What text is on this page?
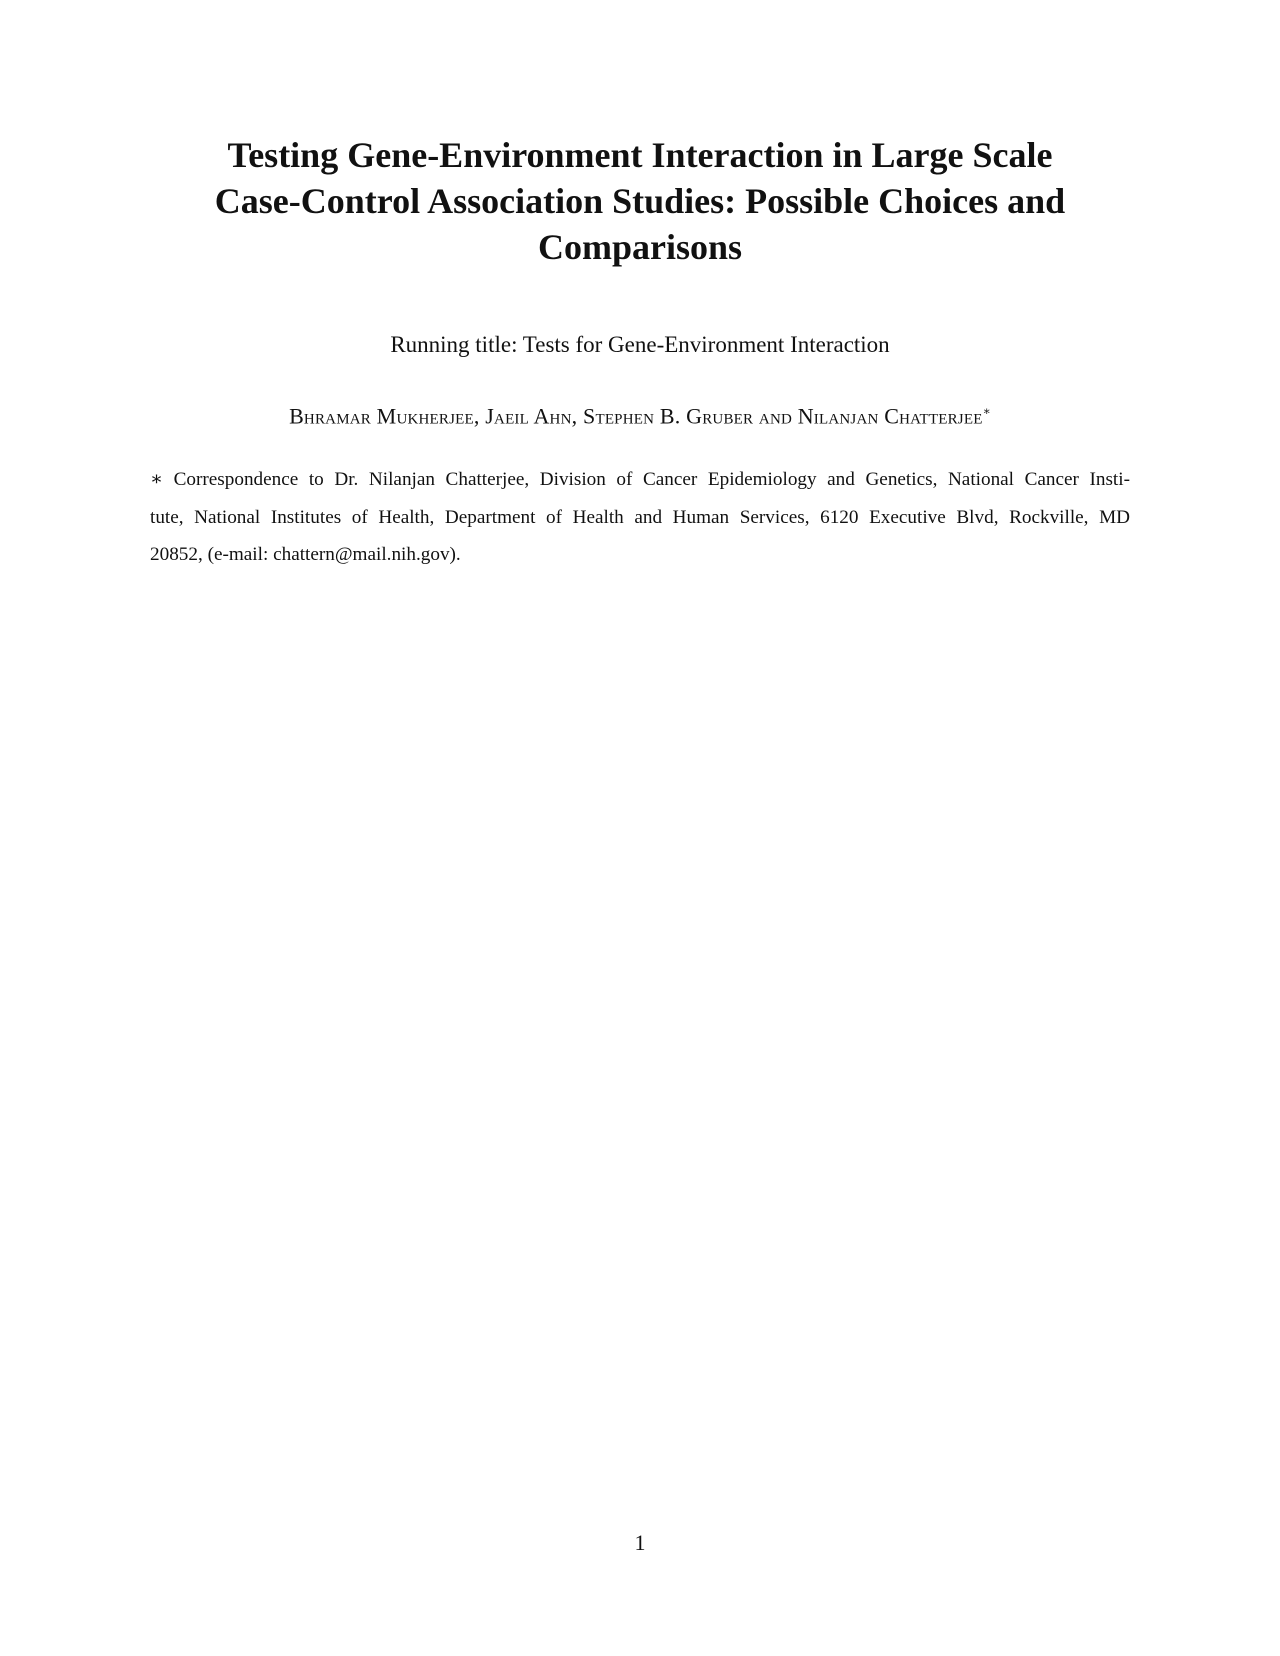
Testing Gene-Environment Interaction in Large Scale
Case-Control Association Studies: Possible Choices and
Comparisons
Running title: Tests for Gene-Environment Interaction
Bhramar Mukherjee, Jaeil Ahn, Stephen B. Gruber and Nilanjan Chatterjee∗
∗ Correspondence to Dr. Nilanjan Chatterjee, Division of Cancer Epidemiology and Genetics, National Cancer Insti-
tute, National Institutes of Health, Department of Health and Human Services, 6120 Executive Blvd, Rockville, MD
20852, (e-mail: chattern@mail.nih.gov).
1
